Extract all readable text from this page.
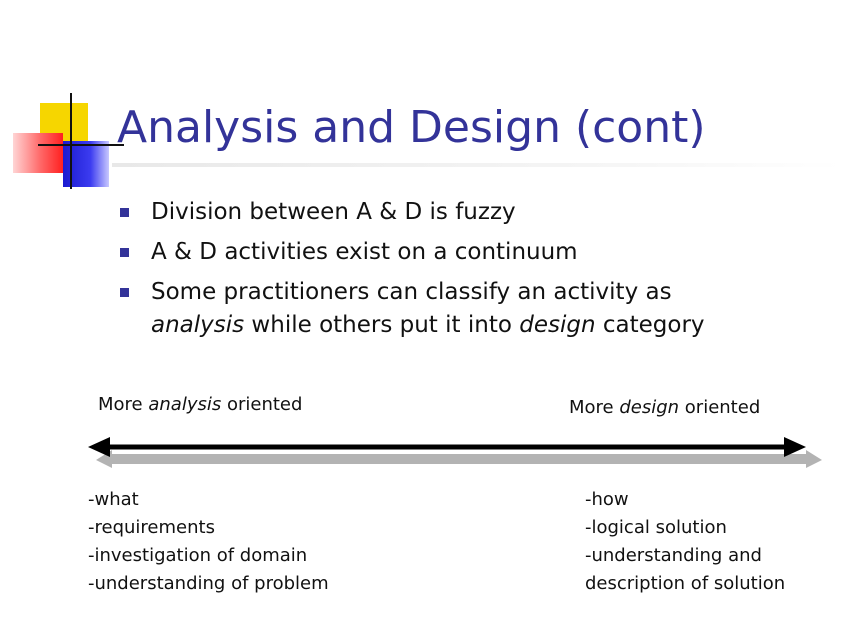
Analysis and Design (cont)
Division between A & D is fuzzy
A & D activities exist on a continuum
Some practitioners can classify an activity as
analysis while others put it into design category
More analysis oriented	More design oriented
-what
-requirements
-investigation of domain
-understanding of problem
-how
-logical solution
-understanding and
description of solution
